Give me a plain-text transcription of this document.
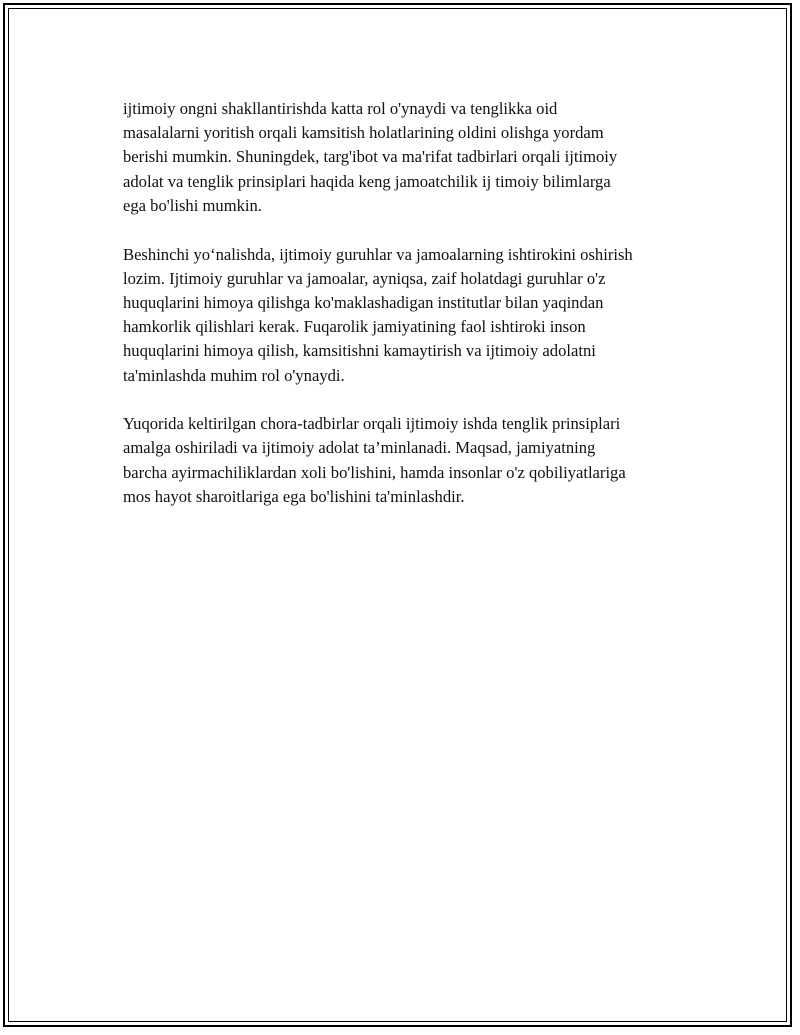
ijtimoiy ongni shakllantirishda katta rol o'ynaydi va tenglikka oid
masalalarni yoritish orqali kamsitish holatlarining oldini olishga yordam
berishi mumkin. Shuningdek, targ'ibot va ma'rifat tadbirlari orqali ijtimoiy
adolat va tenglik prinsiplari haqida keng jamoatchilik ij timoiy bilimlarga
ega bo'lishi mumkin.

Beshinchi yo‘nalishda, ijtimoiy guruhlar va jamoalarning ishtirokini oshirish
lozim. Ijtimoiy guruhlar va jamoalar, ayniqsa, zaif holatdagi guruhlar o'z
huquqlarini himoya qilishga ko'maklashadigan institutlar bilan yaqindan
hamkorlik qilishlari kerak. Fuqarolik jamiyatining faol ishtiroki inson
huquqlarini himoya qilish, kamsitishni kamaytirish va ijtimoiy adolatni
ta'minlashda muhim rol o'ynaydi.

Yuqorida keltirilgan chora-tadbirlar orqali ijtimoiy ishda tenglik prinsiplari
amalga oshiriladi va ijtimoiy adolat ta’minlanadi. Maqsad, jamiyatning
barcha ayirmachiliklardan xoli bo'lishini, hamda insonlar o'z qobiliyatlariga
mos hayot sharoitlariga ega bo'lishini ta'minlashdir.
